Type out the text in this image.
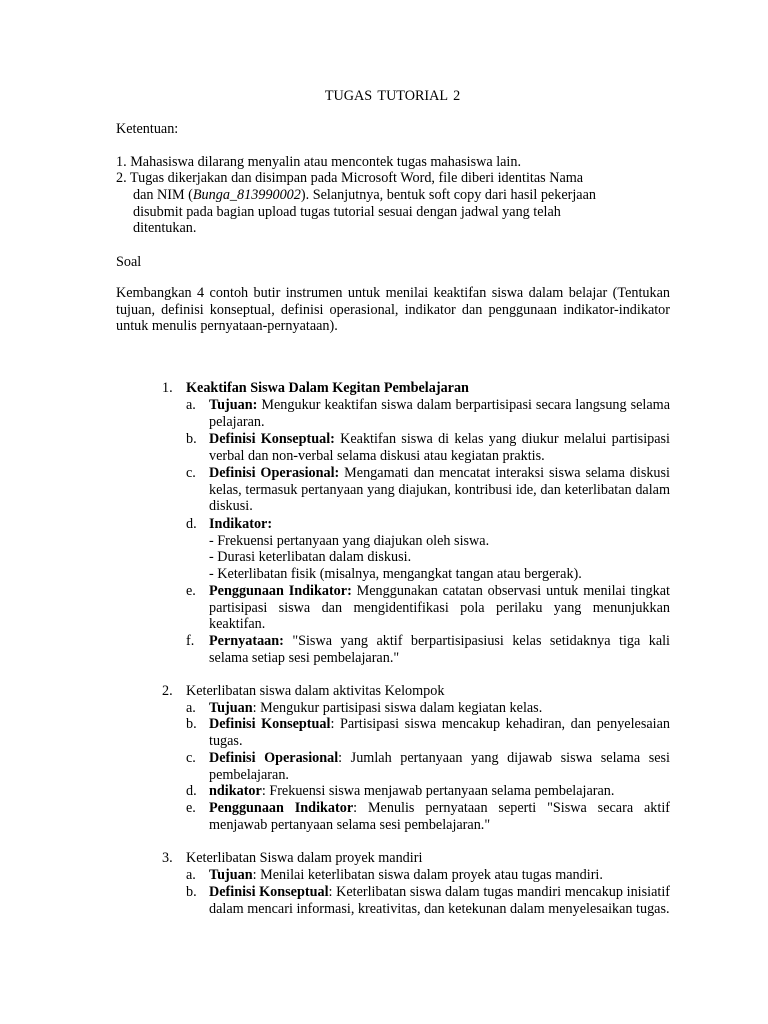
TUGAS TUTORIAL 2
Ketentuan:
1. Mahasiswa dilarang menyalin atau mencontek tugas mahasiswa lain.
2. Tugas dikerjakan dan disimpan pada Microsoft Word, file diberi identitas Nama
dan NIM (Bunga_813990002). Selanjutnya, bentuk soft copy dari hasil pekerjaan
disubmit pada bagian upload tugas tutorial sesuai dengan jadwal yang telah
ditentukan.
Soal

Kembangkan 4 contoh butir instrumen untuk menilai keaktifan siswa dalam belajar (Tentukan tujuan, definisi konseptual, definisi operasional, indikator dan penggunaan indikator-indikator untuk menulis pernyataan-pernyataan).

1. Keaktifan Siswa Dalam Kegitan Pembelajaran
a. Tujuan: Mengukur keaktifan siswa dalam berpartisipasi secara langsung selama pelajaran.

b. Definisi Konseptual: Keaktifan siswa di kelas yang diukur melalui partisipasi verbal dan non-verbal selama diskusi atau kegiatan praktis.

c. Definisi Operasional: Mengamati dan mencatat interaksi siswa selama diskusi kelas, termasuk pertanyaan yang diajukan, kontribusi ide, dan keterlibatan dalam diskusi.

d. Indikator:
- Frekuensi pertanyaan yang diajukan oleh siswa.
- Durasi keterlibatan dalam diskusi.
- Keterlibatan fisik (misalnya, mengangkat tangan atau bergerak).
e. Penggunaan Indikator: Menggunakan catatan observasi untuk menilai tingkat partisipasi siswa dan mengidentifikasi pola perilaku yang menunjukkan keaktifan.

f. Pernyataan: "Siswa yang aktif berpartisipasiusi kelas setidaknya tiga kali selama setiap sesi pembelajaran."

2. Keterlibatan siswa dalam aktivitas Kelompok
a. Tujuan: Mengukur partisipasi siswa dalam kegiatan kelas.

b. Definisi Konseptual: Partisipasi siswa mencakup kehadiran, dan penyelesaian tugas.

c. Definisi Operasional: Jumlah pertanyaan yang dijawab siswa selama sesi pembelajaran.

d. ndikator: Frekuensi siswa menjawab pertanyaan selama pembelajaran.

e. Penggunaan Indikator: Menulis pernyataan seperti "Siswa secara aktif menjawab pertanyaan selama sesi pembelajaran."

3. Keterlibatan Siswa dalam proyek mandiri
a. Tujuan: Menilai keterlibatan siswa dalam proyek atau tugas mandiri.

b. Definisi Konseptual: Keterlibatan siswa dalam tugas mandiri mencakup inisiatif dalam mencari informasi, kreativitas, dan ketekunan dalam menyelesaikan tugas.
